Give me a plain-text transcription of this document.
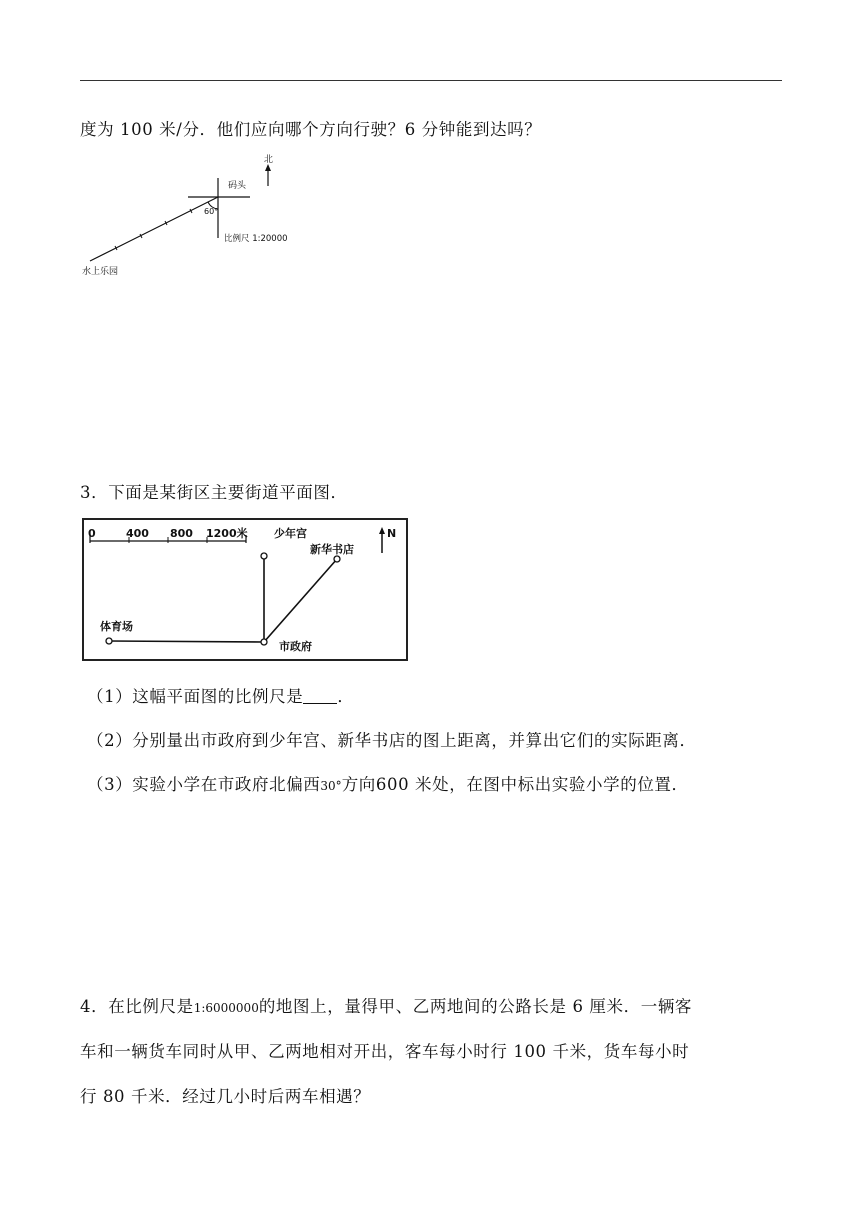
度为 100 米/分．他们应向哪个方向行驶？6 分钟能到达吗？
北
码头
60°
比例尺 1:20000
水上乐园
3．下面是某街区主要街道平面图．
0	400 800 1200米	N
少年宫
新华书店
体育场
市政府
（1）这幅平面图的比例尺是 ．
（2）分别量出市政府到少年宫、新华书店的图上距离，并算出它们的实际距离．
（3）实验小学在市政府北偏西30°方向600 米处，在图中标出实验小学的位置．
4．在比例尺是1:6000000的地图上，量得甲、乙两地间的公路长是 6 厘米．一辆客
车和一辆货车同时从甲、乙两地相对开出，客车每小时行 100 千米，货车每小时
行 80 千米．经过几小时后两车相遇？
